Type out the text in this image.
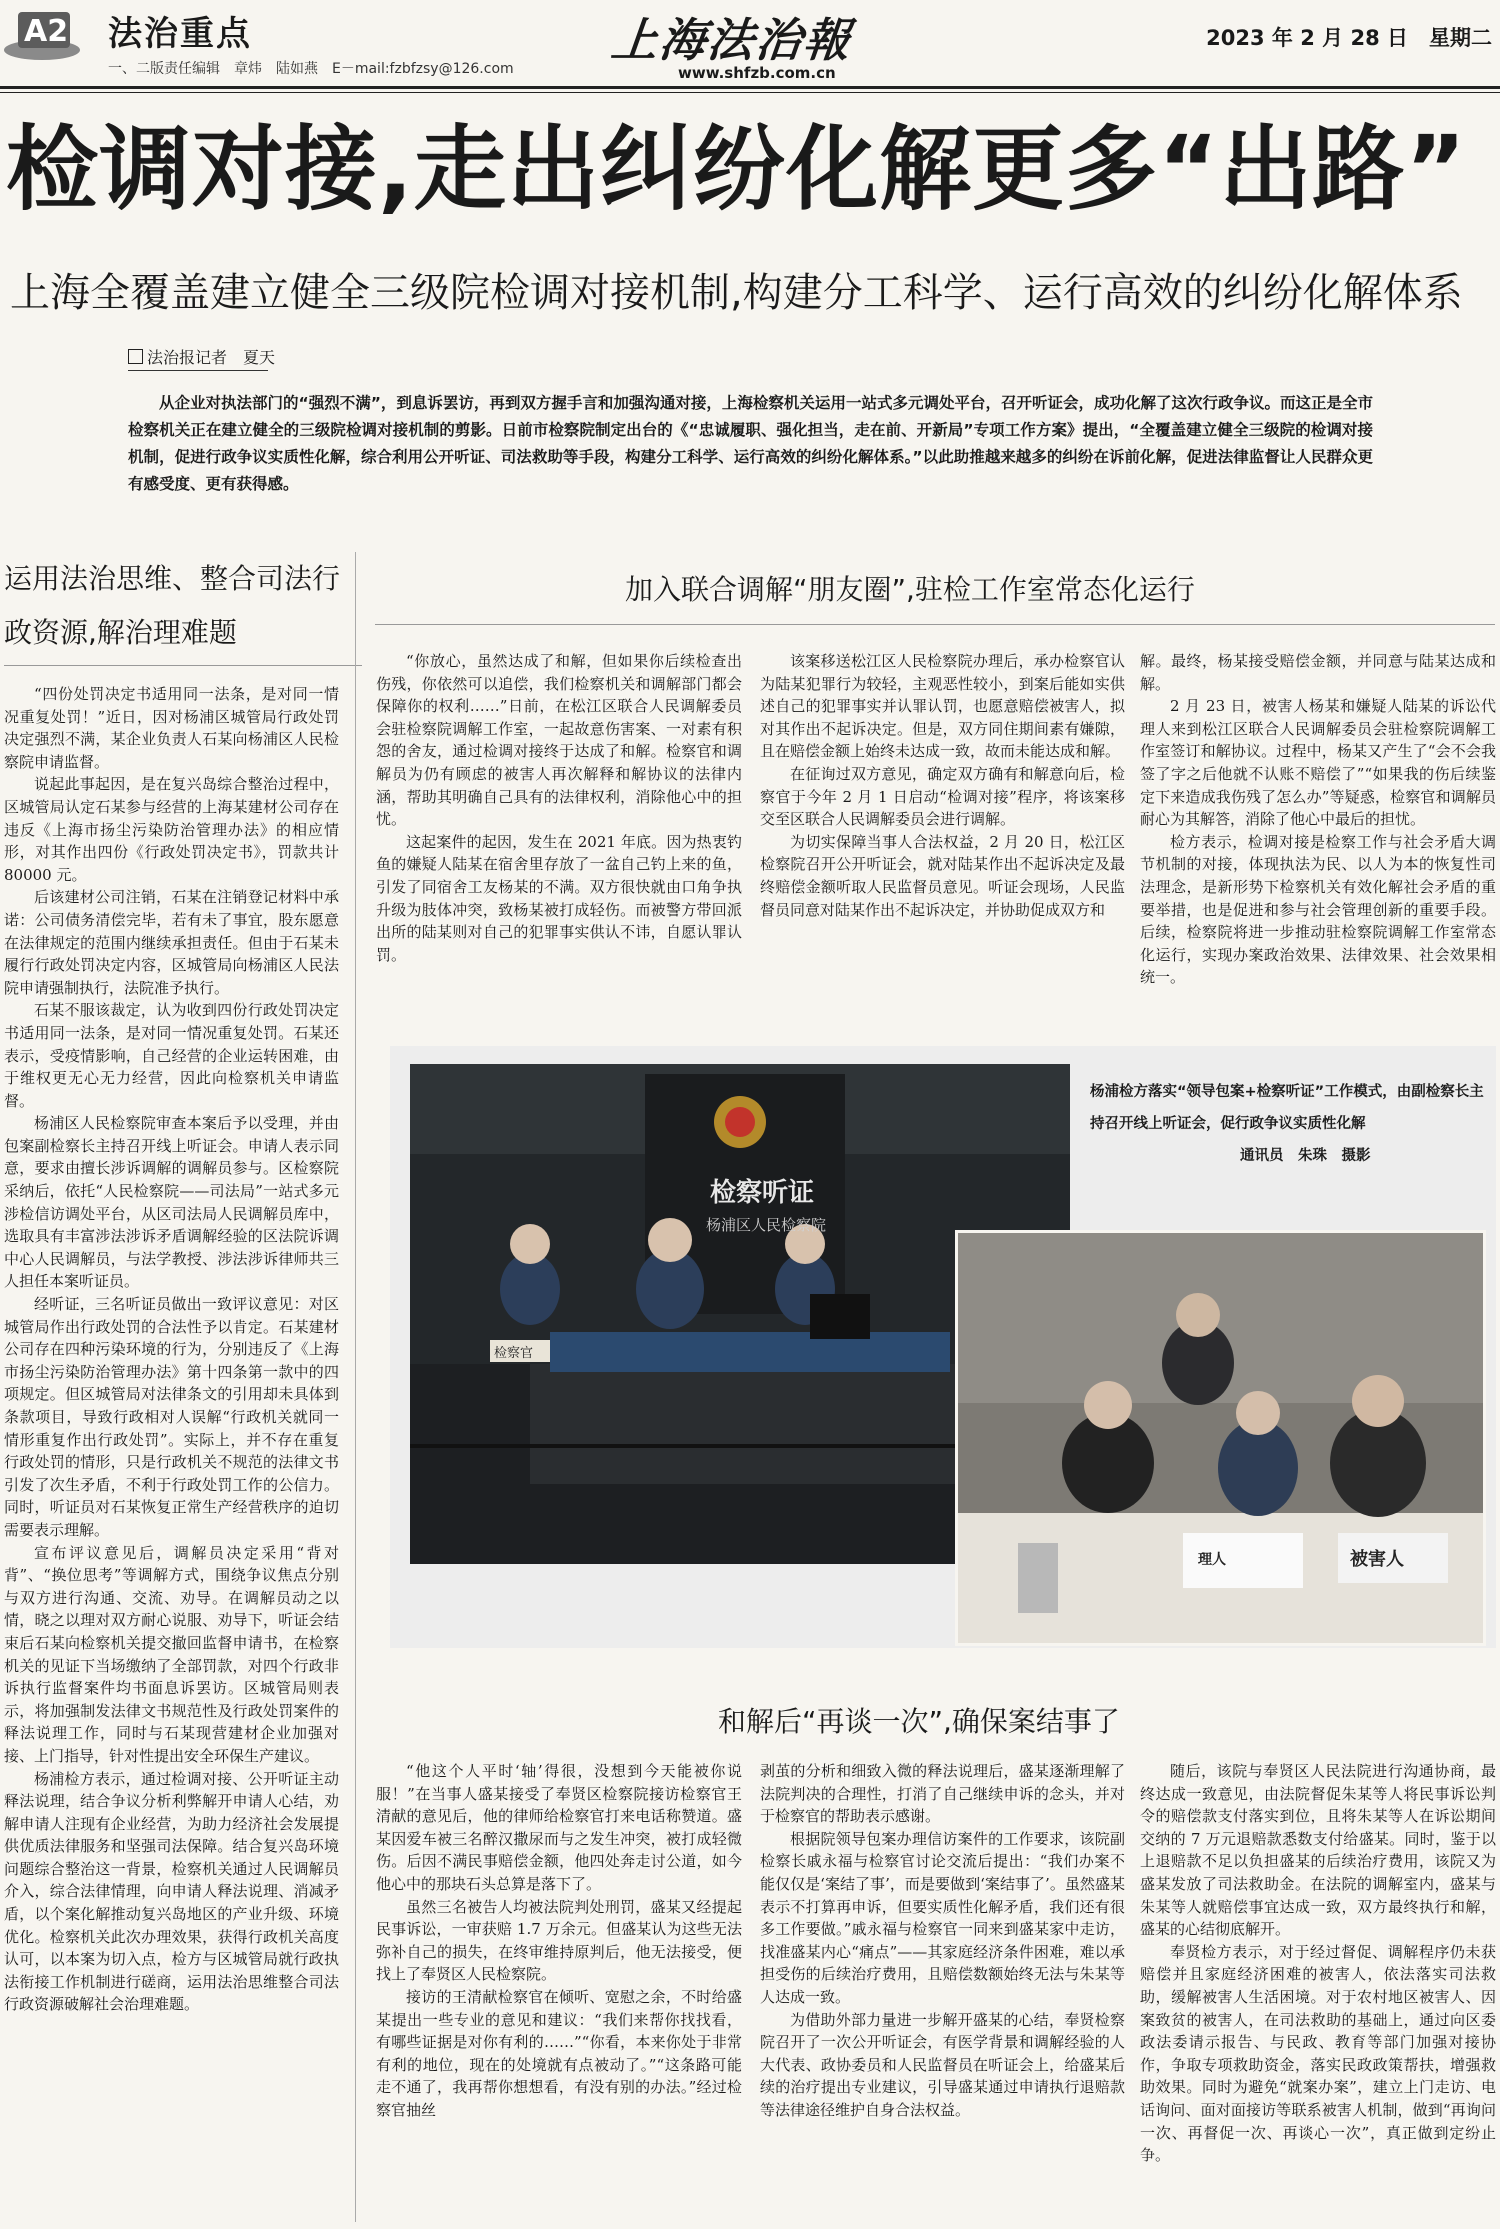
A2 法治重点
一、二版责任编辑　章炜　陆如燕　E－mail:fzbfzsy@126.com
上海法治報
www.shfzb.com.cn
2023 年 2 月 28 日　星期二
检调对接,走出纠纷化解更多“出路”
上海全覆盖建立健全三级院检调对接机制,构建分工科学、运行高效的纠纷化解体系
法治报记者　夏天
从企业对执法部门的“强烈不满”，到息诉罢访，再到双方握手言和加强沟通对接，上海检察机关运用一站式多元调处平台，召开听证会，成功化解了这次行政争议。而这正是全市检察机关正在建立健全的三级院检调对接机制的剪影。日前市检察院制定出台的《“忠诚履职、强化担当，走在前、开新局”专项工作方案》提出，“全覆盖建立健全三级院的检调对接机制，促进行政争议实质性化解，综合利用公开听证、司法救助等手段，构建分工科学、运行高效的纠纷化解体系。”以此助推越来越多的纠纷在诉前化解，促进法律监督让人民群众更有感受度、更有获得感。
运用法治思维、整合司法行政资源,解治理难题
加入联合调解“朋友圈”,驻检工作室常态化运行
和解后“再谈一次”,确保案结事了

“四份处罚决定书适用同一法条，是对同一情况重复处罚！”近日，因对杨浦区城管局行政处罚决定强烈不满，某企业负责人石某向杨浦区人民检察院申请监督。

说起此事起因，是在复兴岛综合整治过程中，区城管局认定石某参与经营的上海某建材公司存在违反《上海市扬尘污染防治管理办法》的相应情形，对其作出四份《行政处罚决定书》，罚款共计 80000 元。

后该建材公司注销，石某在注销登记材料中承诺：公司债务清偿完毕，若有未了事宜，股东愿意在法律规定的范围内继续承担责任。但由于石某未履行行政处罚决定内容，区城管局向杨浦区人民法院申请强制执行，法院准予执行。

石某不服该裁定，认为收到四份行政处罚决定书适用同一法条，是对同一情况重复处罚。石某还表示，受疫情影响，自己经营的企业运转困难，由于维权更无心无力经营，因此向检察机关申请监督。

杨浦区人民检察院审查本案后予以受理，并由包案副检察长主持召开线上听证会。申请人表示同意，要求由擅长涉诉调解的调解员参与。区检察院采纳后，依托“人民检察院——司法局”一站式多元涉检信访调处平台，从区司法局人民调解员库中，选取具有丰富涉法涉诉矛盾调解经验的区法院诉调中心人民调解员，与法学教授、涉法涉诉律师共三人担任本案听证员。

经听证，三名听证员做出一致评议意见：对区城管局作出行政处罚的合法性予以肯定。石某建材公司存在四种污染环境的行为，分别违反了《上海市扬尘污染防治管理办法》第十四条第一款中的四项规定。但区城管局对法律条文的引用却未具体到条款项目，导致行政相对人误解“行政机关就同一情形重复作出行政处罚”。实际上，并不存在重复行政处罚的情形，只是行政机关不规范的法律文书引发了次生矛盾，不利于行政处罚工作的公信力。同时，听证员对石某恢复正常生产经营秩序的迫切需要表示理解。

宣布评议意见后，调解员决定采用“背对背”、“换位思考”等调解方式，围绕争议焦点分别与双方进行沟通、交流、劝导。在调解员动之以情，晓之以理对双方耐心说服、劝导下，听证会结束后石某向检察机关提交撤回监督申请书，在检察机关的见证下当场缴纳了全部罚款，对四个行政非诉执行监督案件均书面息诉罢访。区城管局则表示，将加强制发法律文书规范性及行政处罚案件的释法说理工作，同时与石某现营建材企业加强对接、上门指导，针对性提出安全环保生产建议。

杨浦检方表示，通过检调对接、公开听证主动释法说理，结合争议分析利弊解开申请人心结，劝解申请人注现有企业经营，为助力经济社会发展提供优质法律服务和坚强司法保障。结合复兴岛环境问题综合整治这一背景，检察机关通过人民调解员介入，综合法律情理，向申请人释法说理、消减矛盾，以个案化解推动复兴岛地区的产业升级、环境优化。检察机关此次办理效果，获得行政机关高度认可，以本案为切入点，检方与区城管局就行政执法衔接工作机制进行磋商，运用法治思维整合司法行政资源破解社会治理难题。

“你放心，虽然达成了和解，但如果你后续检查出伤残，你依然可以追偿，我们检察机关和调解部门都会保障你的权利……”日前，在松江区联合人民调解委员会驻检察院调解工作室，一起故意伤害案、一对素有积怨的舍友，通过检调对接终于达成了和解。检察官和调解员为仍有顾虑的被害人再次解释和解协议的法律内涵，帮助其明确自己具有的法律权利，消除他心中的担忧。

这起案件的起因，发生在 2021 年底。因为热衷钓鱼的嫌疑人陆某在宿舍里存放了一盆自己钓上来的鱼，引发了同宿舍工友杨某的不满。双方很快就由口角争执升级为肢体冲突，致杨某被打成轻伤。而被警方带回派出所的陆某则对自己的犯罪事实供认不讳，自愿认罪认罚。

该案移送松江区人民检察院办理后，承办检察官认为陆某犯罪行为较轻，主观恶性较小，到案后能如实供述自己的犯罪事实并认罪认罚，也愿意赔偿被害人，拟对其作出不起诉决定。但是，双方同住期间素有嫌隙，且在赔偿金额上始终未达成一致，故而未能达成和解。

在征询过双方意见，确定双方确有和解意向后，检察官于今年 2 月 1 日启动“检调对接”程序，将该案移交至区联合人民调解委员会进行调解。

为切实保障当事人合法权益，2 月 20 日，松江区检察院召开公开听证会，就对陆某作出不起诉决定及最终赔偿金额听取人民监督员意见。听证会现场，人民监督员同意对陆某作出不起诉决定，并协助促成双方和

解。最终，杨某接受赔偿金额，并同意与陆某达成和解。

2 月 23 日，被害人杨某和嫌疑人陆某的诉讼代理人来到松江区联合人民调解委员会驻检察院调解工作室签订和解协议。过程中，杨某又产生了“会不会我签了字之后他就不认账不赔偿了”“如果我的伤后续鉴定下来造成我伤残了怎么办”等疑惑，检察官和调解员耐心为其解答，消除了他心中最后的担忧。

检方表示，检调对接是检察工作与社会矛盾大调节机制的对接，体现执法为民、以人为本的恢复性司法理念，是新形势下检察机关有效化解社会矛盾的重要举措，也是促进和参与社会管理创新的重要手段。后续，检察院将进一步推动驻检察院调解工作室常态化运行，实现办案政治效果、法律效果、社会效果相统一。

检察听证
杨浦区人民检察院
检察官
理人	被害人
杨浦检方落实“领导包案+检察听证”工作模式，由副检察长主持召开线上听证会，促行政争议实质性化解通讯员　朱珠　摄影

“他这个人平时‘轴’得很，没想到今天能被你说服！”在当事人盛某接受了奉贤区检察院接访检察官王清献的意见后，他的律师给检察官打来电话称赞道。盛某因爱车被三名醉汉撒尿而与之发生冲突，被打成轻微伤。后因不满民事赔偿金额，他四处奔走讨公道，如今他心中的那块石头总算是落下了。

虽然三名被告人均被法院判处刑罚，盛某又经提起民事诉讼，一审获赔 1.7 万余元。但盛某认为这些无法弥补自己的损失，在终审维持原判后，他无法接受，便找上了奉贤区人民检察院。

接访的王清献检察官在倾听、宽慰之余，不时给盛某提出一些专业的意见和建议：“我们来帮你找找看，有哪些证据是对你有利的……”“你看，本来你处于非常有利的地位，现在的处境就有点被动了。”“这条路可能走不通了，我再帮你想想看，有没有别的办法。”经过检察官抽丝

剥茧的分析和细致入微的释法说理后，盛某逐渐理解了法院判决的合理性，打消了自己继续申诉的念头，并对于检察官的帮助表示感谢。

根据院领导包案办理信访案件的工作要求，该院副检察长戚永福与检察官讨论交流后提出：“我们办案不能仅仅是‘案结了事’，而是要做到‘案结事了’。虽然盛某表示不打算再申诉，但要实质性化解矛盾，我们还有很多工作要做。”戚永福与检察官一同来到盛某家中走访，找准盛某内心“痛点”——其家庭经济条件困难，难以承担受伤的后续治疗费用，且赔偿数额始终无法与朱某等人达成一致。

为借助外部力量进一步解开盛某的心结，奉贤检察院召开了一次公开听证会，有医学背景和调解经验的人大代表、政协委员和人民监督员在听证会上，给盛某后续的治疗提出专业建议，引导盛某通过申请执行退赔款等法律途径维护自身合法权益。

随后，该院与奉贤区人民法院进行沟通协商，最终达成一致意见，由法院督促朱某等人将民事诉讼判令的赔偿款支付落实到位，且将朱某等人在诉讼期间交纳的 7 万元退赔款悉数支付给盛某。同时，鉴于以上退赔款不足以负担盛某的后续治疗费用，该院又为盛某发放了司法救助金。在法院的调解室内，盛某与朱某等人就赔偿事宜达成一致，双方最终执行和解，盛某的心结彻底解开。

奉贤检方表示，对于经过督促、调解程序仍未获赔偿并且家庭经济困难的被害人，依法落实司法救助，缓解被害人生活困境。对于农村地区被害人、因案致贫的被害人，在司法救助的基础上，通过向区委政法委请示报告、与民政、教育等部门加强对接协作，争取专项救助资金，落实民政政策帮扶，增强救助效果。同时为避免“就案办案”，建立上门走访、电话询问、面对面接访等联系被害人机制，做到“再询问一次、再督促一次、再谈心一次”，真正做到定纷止争。
